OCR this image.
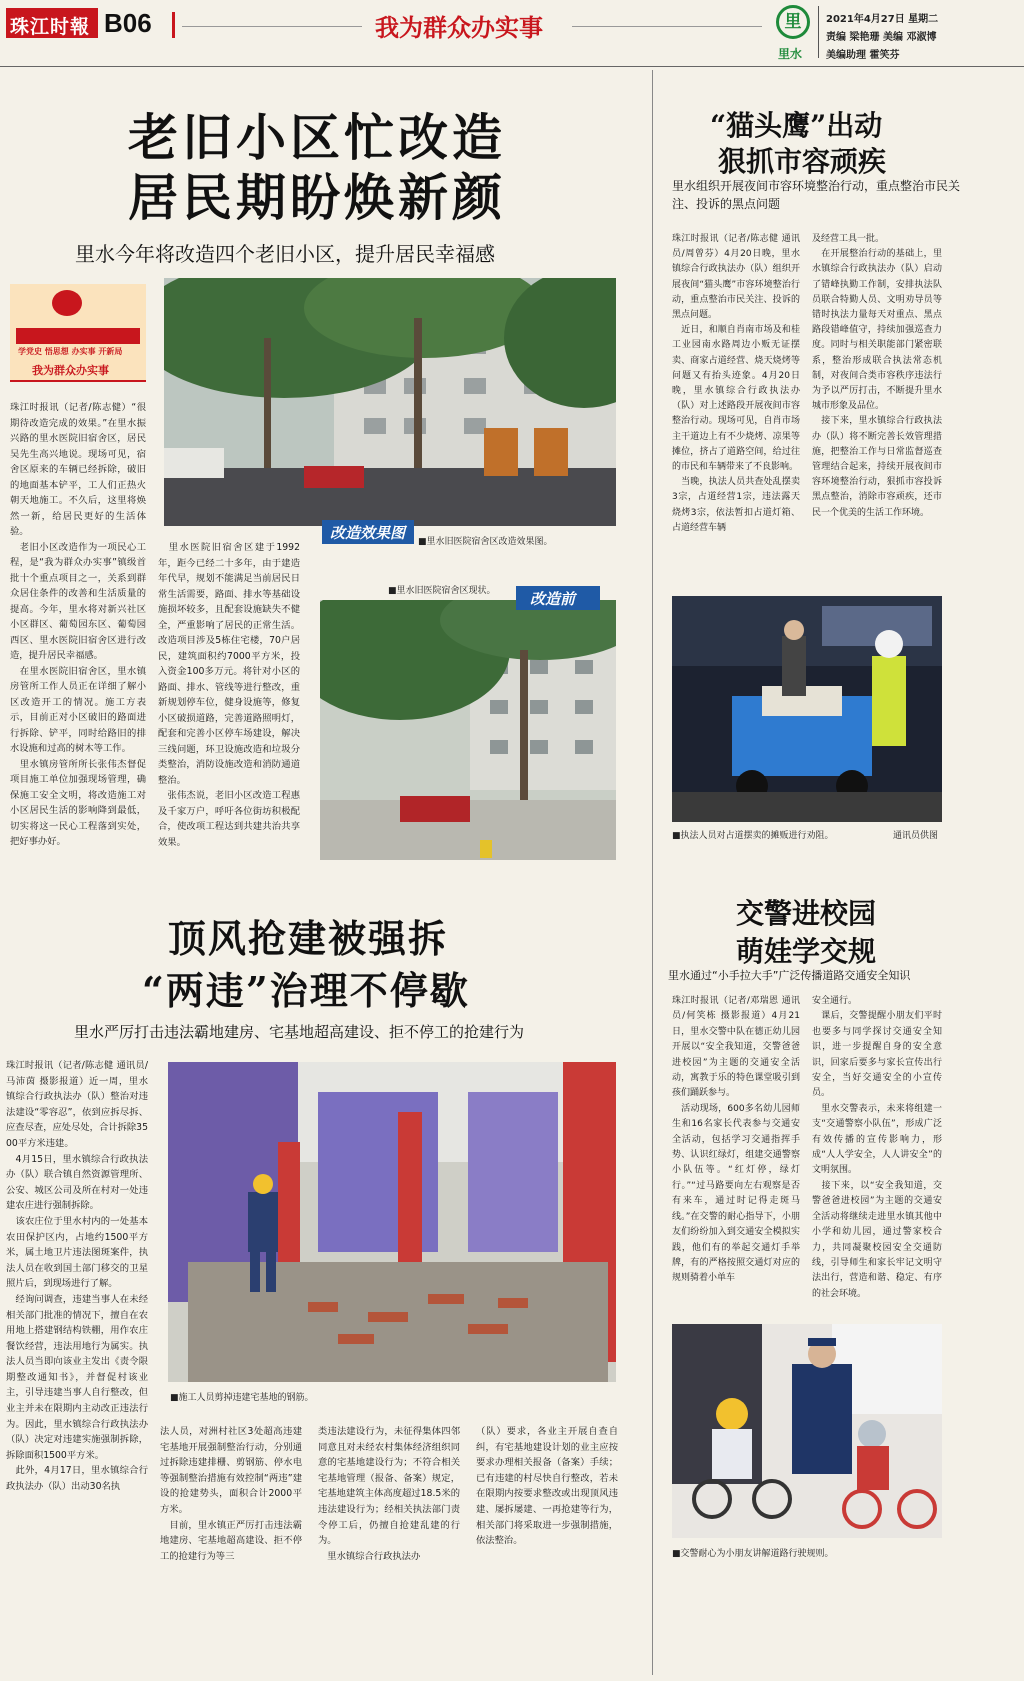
珠江时報 B06	我为群众办实事	里
里水
2021年4月27日 星期二
责编 梁艳珊 美编 邓淑博
美编助理 霍笑芬
老旧小区忙改造
居民期盼焕新颜
里水今年将改造四个老旧小区，提升居民幸福感
学党史 悟思想 办实事 开新局
我为群众办实事
珠江时报讯（记者/陈志健）“很期待改造完成的效果。”在里水振兴路的里水医院旧宿舍区，居民吴先生高兴地说。现场可见，宿舍区原来的车辆已经拆除，破旧的地面基本铲平，工人们正热火朝天地施工。不久后，这里将焕然一新，给居民更好的生活体验。
　老旧小区改造作为一项民心工程，是“我为群众办实事”镇级首批十个重点项目之一，关系到群众居住条件的改善和生活质量的提高。今年，里水将对新兴社区小区群区、葡萄园东区、葡萄园西区、里水医院旧宿舍区进行改造，提升居民幸福感。
　在里水医院旧宿舍区，里水镇房管所工作人员正在详细了解小区改造开工的情况。施工方表示，目前正对小区破旧的路面进行拆除、铲平，同时给路旧的排水设施和过高的树木等工作。
　里水镇房管所所长张伟杰督促项目施工单位加强现场管理，确保施工安全文明，将改造施工对小区居民生活的影响降到最低，切实将这一民心工程落到实处，把好事办好。
　里水医院旧宿舍区建于1992年，距今已经二十多年，由于建造年代早，规划不能满足当前居民日常生活需要，路面、排水等基础设施损坏较多，且配套设施缺失不健全，严重影响了居民的正常生活。改造项目涉及5栋住宅楼，70户居民，建筑面积约7000平方米，投入资金100多万元。将针对小区的路面、排水、管线等进行整改，重新规划停车位，健身设施等，修复小区破损道路，完善道路照明灯，配套和完善小区停车场建设，解决三线问题，环卫设施改造和垃圾分类整治，消防设施改造和消防通道整治。
　张伟杰说，老旧小区改造工程惠及千家万户，呼吁各位街坊积极配合，使改项工程达到共建共治共享效果。
改造效果图 ■里水旧医院宿舍区改造效果图。
■里水旧医院宿舍区现状。 改造前
“猫头鹰”出动
狠抓市容顽疾
里水组织开展夜间市容环境整治行动，重点整治市民关注、投诉的黑点问题
珠江时报讯（记者/陈志健 通讯员/周曾芬）4月20日晚，里水镇综合行政执法办（队）组织开展夜间“猫头鹰”市容环境整治行动，重点整治市民关注、投诉的黑点问题。
　近日，和顺自肖南市场及和桂工业园南水路周边小贩无证摆卖、商家占道经营、烧天烧烤等问题又有抬头迹象。4月20日晚，里水镇综合行政执法办（队）对上述路段开展夜间市容整治行动。现场可见，自肖市场主干道边上有不少烧烤、凉果等摊位，挤占了道路空间，给过往的市民和车辆带来了不良影响。
　当晚，执法人员共查处乱摆卖3宗，占道经营1宗，违法露天烧烤3宗，依法暂扣占道灯箱、占道经营车辆
及经营工具一批。
　在开展整治行动的基础上，里水镇综合行政执法办（队）启动了错峰执勤工作制，安排执法队员联合特勤人员、文明劝导员等错时执法力量每天对重点、黑点路段错峰值守，持续加强巡查力度。同时与相关职能部门紧密联系，整治形成联合执法常态机制，对夜间合类市容秩序违法行为予以严厉打击，不断提升里水城市形象及品位。
　接下来，里水镇综合行政执法办（队）将不断完善长效管理措施，把整治工作与日常监督巡查管理结合起来，持续开展夜间市容环境整治行动，狠抓市容投诉黑点整治，消除市容顽疾，还市民一个优美的生活工作环境。
■执法人员对占道摆卖的摊贩进行劝阻。	通讯员供图
顶风抢建被强拆
“两违”治理不停歇
里水严厉打击违法霸地建房、宅基地超高建设、拒不停工的抢建行为
珠江时报讯（记者/陈志健 通讯员/马沛茵 摄影报道）近一周，里水镇综合行政执法办（队）整治对违法建设“零容忍”，依到应拆尽拆、应查尽查，应处尽处，合计拆除3500平方米违建。
　4月15日，里水镇综合行政执法办（队）联合镇自然资源管理所、公安、城区公司及所在村对一处违建农庄进行强制拆除。
　该农庄位于里水村内的一处基本农田保护区内，占地约1500平方米，属土地卫片违法图斑案件，执法人员在收到国土部门移交的卫星照片后，到现场进行了解。
　经询问调查，违建当事人在未经相关部门批准的情况下，擅自在农用地上搭建钢结构铁棚，用作农庄餐饮经营，违法用地行为属实。执法人员当即向该业主发出《责令限期整改通知书》，并督促村该业主，引导违建当事人自行整改，但业主并未在限期内主动改正违法行为。因此，里水镇综合行政执法办（队）决定对违建实施强制拆除，拆除面积1500平方米。
　此外，4月17日，里水镇综合行政执法办（队）出动30名执
■施工人员剪掉违建宅基地的钢筋。
法人员，对洲村社区3处超高违建宅基地开展强制整治行动，分别通过拆除违建排栅、剪钢筋、停水电等强制整治措施有效控制“两违”建设的抢建势头，面积合计2000平方米。
　目前，里水镇正严厉打击违法霸地建房、宅基地超高建设、拒不停工的抢建行为等三
类违法建设行为，未征得集体四邻同意且对未经农村集体经济组织同意的宅基地建设行为；不符合相关宅基地管理（报备、备案）规定，宅基地建筑主体高度超过18.5米的违法建设行为；经相关执法部门责令停工后，仍擅自抢建乱建的行为。
　里水镇综合行政执法办
（队）要求，各业主开展自查自纠，有宅基地建设计划的业主应按要求办理相关报备（备案）手续；已有违建的村尽快自行整改，若未在限期内按要求整改或出现顶风违建、屡拆屡建、一再抢建等行为，相关部门将采取进一步强制措施，依法整治。
交警进校园
萌娃学交规
里水通过“小手拉大手”广泛传播道路交通安全知识
珠江时报讯（记者/邓瑞恩 通讯员/何笑栋 摄影报道）4月21日，里水交警中队在德正幼儿园开展以“安全我知道，交警爸爸进校园”为主题的交通安全活动，寓教于乐的特色课堂吸引到孩们踊跃参与。
　活动现场，600多名幼儿园师生和16名家长代表参与交通安全活动，包括学习交通指挥手势、认识红绿灯，组建交通警察小队伍等。“红灯停，绿灯行。”“过马路要向左右观察是否有来车，通过时记得走斑马线。”在交警的耐心指导下，小朋友们纷纷加入到交通安全模拟实践，他们有的举起交通灯手举牌，有的严格按照交通灯对应的规则骑着小单车
安全通行。
　课后，交警提醒小朋友们平时也要多与同学探讨交通安全知识，进一步提醒自身的安全意识，回家后要多与家长宣传出行安全，当好交通安全的小宣传员。
　里水交警表示，未来将组建一支“交通警察小队伍”，形成广泛有效传播的宣传影响力，形成“人人学安全，人人讲安全”的文明氛围。
　接下来，以“安全我知道，交警爸爸进校园”为主题的交通安全活动将继续走进里水镇其他中小学和幼儿园，通过警家校合力，共同凝聚校园安全交通防线，引导师生和家长牢记文明守法出行，营造和谐、稳定、有序的社会环境。
■交警耐心为小朋友讲解道路行驶规则。
